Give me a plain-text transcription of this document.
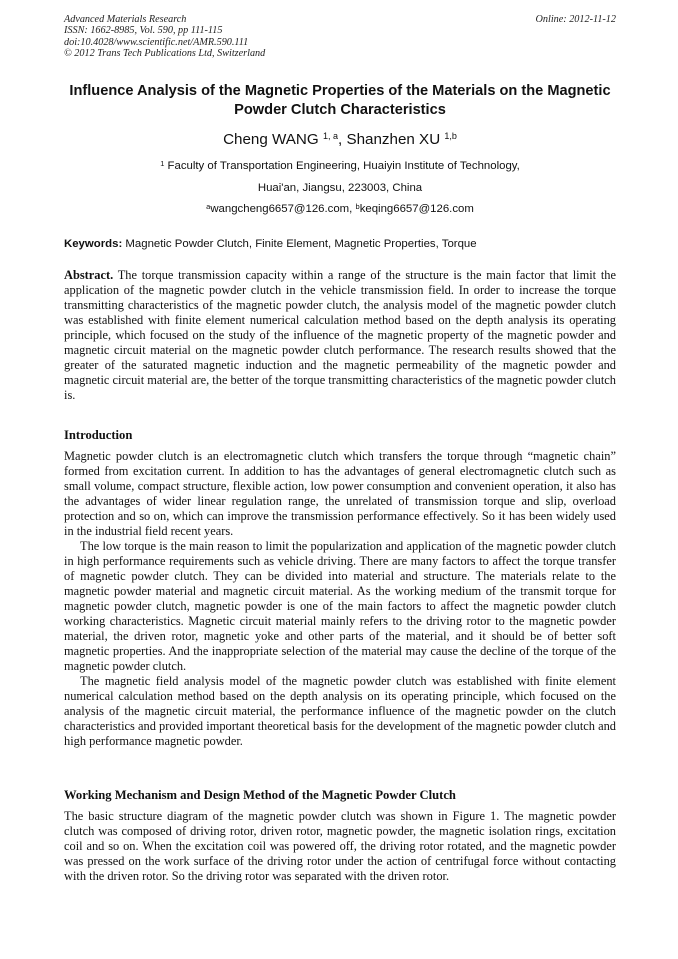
Advanced Materials Research
ISSN: 1662-8985, Vol. 590, pp 111-115
doi:10.4028/www.scientific.net/AMR.590.111
© 2012 Trans Tech Publications Ltd, Switzerland
Online: 2012-11-12
Influence Analysis of the Magnetic Properties of the Materials on the Magnetic Powder Clutch Characteristics
Cheng WANG $^{1, a}$, Shanzhen XU $^{1,b}$
$^1$ Faculty of Transportation Engineering, Huaiyin Institute of Technology,
Huai'an, Jiangsu, 223003, China
$^a$wangcheng6657@126.com, $^b$keqing6657@126.com
Keywords: Magnetic Powder Clutch, Finite Element, Magnetic Properties, Torque

Abstract. The torque transmission capacity within a range of the structure is the main factor that limit the application of the magnetic powder clutch in the vehicle transmission field. In order to increase the torque transmitting characteristics of the magnetic powder clutch, the analysis model of the magnetic powder clutch was established with finite element numerical calculation method based on the depth analysis its operating principle, which focused on the study of the influence of the magnetic property of the magnetic powder and magnetic circuit material on the magnetic powder clutch performance. The research results showed that the greater of the saturated magnetic induction and the magnetic permeability of the magnetic powder and magnetic circuit material are, the better of the torque transmitting characteristics of the magnetic powder clutch is.

Introduction

Magnetic powder clutch is an electromagnetic clutch which transfers the torque through “magnetic chain” formed from excitation current. In addition to has the advantages of general electromagnetic clutch such as small volume, compact structure, flexible action, low power consumption and convenient operation, it also has the advantages of wider linear regulation range, the unrelated of transmission torque and slip, overload protection and so on, which can improve the transmission performance effectively. So it has been widely used in the industrial field recent years.

The low torque is the main reason to limit the popularization and application of the magnetic powder clutch in high performance requirements such as vehicle driving. There are many factors to affect the torque transfer of magnetic powder clutch. They can be divided into material and structure. The materials relate to the magnetic powder material and magnetic circuit material. As the working medium of the transmit torque for magnetic powder clutch, magnetic powder is one of the main factors to affect the magnetic powder clutch working characteristics. Magnetic circuit material mainly refers to the driving rotor to the magnetic powder material, the driven rotor, magnetic yoke and other parts of the material, and it should be of better soft magnetic properties. And the inappropriate selection of the material may cause the decline of the torque of the magnetic powder clutch.

The magnetic field analysis model of the magnetic powder clutch was established with finite element numerical calculation method based on the depth analysis on its operating principle, which focused on the analysis of the magnetic circuit material, the performance influence of the magnetic powder on the clutch characteristics and provided important theoretical basis for the development of the magnetic powder clutch and high performance magnetic powder.

Working Mechanism and Design Method of the Magnetic Powder Clutch

The basic structure diagram of the magnetic powder clutch was shown in Figure 1. The magnetic powder clutch was composed of driving rotor, driven rotor, magnetic powder, the magnetic isolation rings, excitation coil and so on. When the excitation coil was powered off, the driving rotor rotated, and the magnetic powder was pressed on the work surface of the driving rotor under the action of centrifugal force without contacting with the driven rotor. So the driving rotor was separated with the driven rotor.
